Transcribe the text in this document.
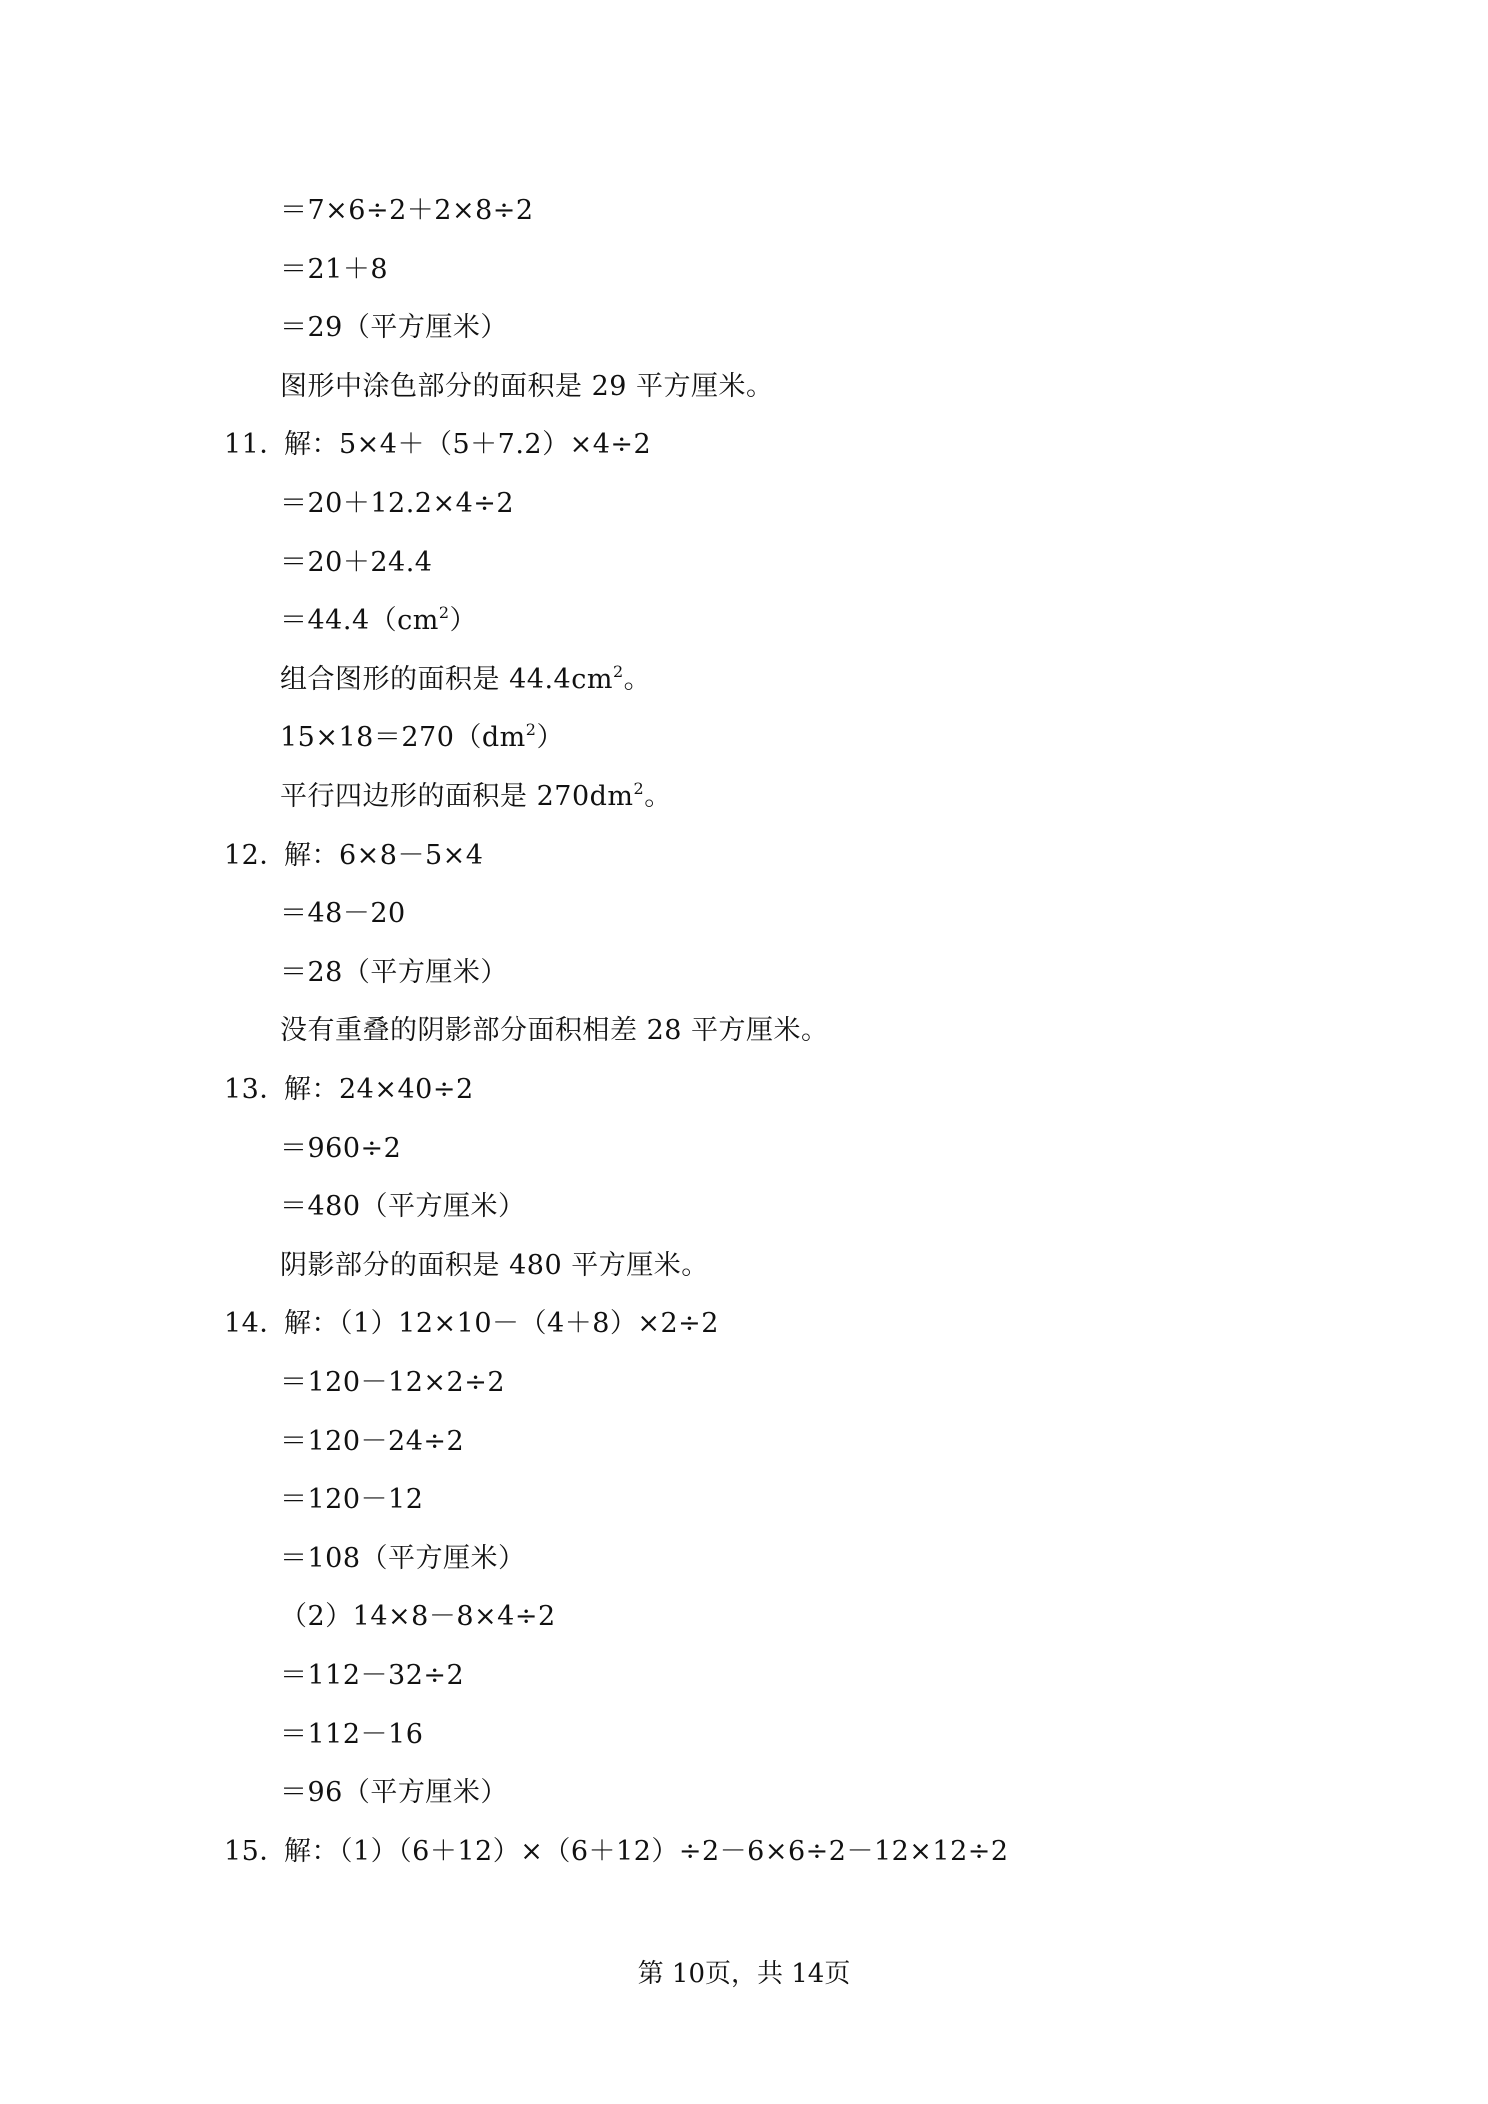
＝7×6÷2＋2×8÷2
＝21＋8
＝29（平方厘米）
图形中涂色部分的面积是 29 平方厘米。
11．解：5×4＋（5＋7.2）×4÷2
＝20＋12.2×4÷2
＝20＋24.4
$=44.4(cm^2)$
组合图形的面积是 $44.4cm^2$。
$15\times 18=270(dm^2)$
平行四边形的面积是 $270dm^2$。
12．解：6×8－5×4
＝48－20
＝28（平方厘米）
没有重叠的阴影部分面积相差 28 平方厘米。
13．解：24×40÷2
＝960÷2
＝480（平方厘米）
阴影部分的面积是 480 平方厘米。
14．解：（1）12×10－（4＋8）×2÷2
＝120－12×2÷2
＝120－24÷2
＝120－12
＝108（平方厘米）
（2）14×8－8×4÷2
＝112－32÷2
＝112－16
＝96（平方厘米）
15．解：（1）（6＋12）×（6＋12）÷2－6×6÷2－12×12÷2
第 10页，共 14页
